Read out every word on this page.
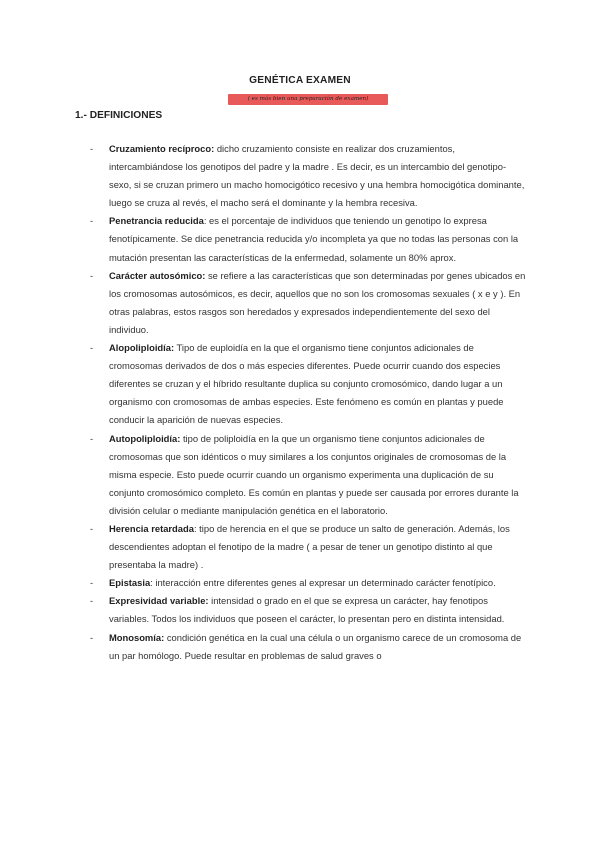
GENÉTICA EXAMEN
( es más bien una preparación de examen)
1.- DEFINICIONES
-	Cruzamiento recíproco: dicho cruzamiento consiste en realizar dos cruzamientos, intercambiándose los genotipos del padre y la madre . Es decir, es un intercambio del genotipo-sexo, si se cruzan primero un macho homocigótico recesivo y una hembra homocigótica dominante, luego se cruza al revés, el macho será el dominante y la hembra recesiva.
-	Penetrancia reducida: es el porcentaje de individuos que teniendo un genotipo lo expresa fenotípicamente. Se dice penetrancia reducida y/o incompleta ya que no todas las personas con la mutación presentan las características de la enfermedad, solamente un 80% aprox.
-	Carácter autosómico: se refiere a las características que son determinadas por genes ubicados en los cromosomas autosómicos, es decir, aquellos que no son los cromosomas sexuales ( x e y ). En otras palabras, estos rasgos son heredados y expresados independientemente del sexo del individuo.
-	Alopoliploidía: Tipo de euploidía en la que el organismo tiene conjuntos adicionales de cromosomas derivados de dos o más especies diferentes. Puede ocurrir cuando dos especies diferentes se cruzan y el híbrido resultante duplica su conjunto cromosómico, dando lugar a un organismo con cromosomas de ambas especies. Este fenómeno es común en plantas y puede conducir la aparición de nuevas especies.
-	Autopoliploidía: tipo de poliploidía en la que un organismo tiene conjuntos adicionales de cromosomas que son idénticos o muy similares a los conjuntos originales de cromosomas de la misma especie. Esto puede ocurrir cuando un organismo experimenta una duplicación de su conjunto cromosómico completo. Es común en plantas y puede ser causada por errores durante la división celular o mediante manipulación genética en el laboratorio.
-	Herencia retardada: tipo de herencia en el que se produce un salto de generación. Además, los descendientes adoptan el fenotipo de la madre ( a pesar de tener un genotipo distinto al que presentaba la madre) .
-	Epistasia: interacción entre diferentes genes al expresar un determinado carácter fenotípico.
-	Expresividad variable: intensidad o grado en el que se expresa un carácter, hay fenotipos variables. Todos los individuos que poseen el carácter, lo presentan pero en distinta intensidad.
-	Monosomía: condición genética en la cual una célula o un organismo carece de un cromosoma de un par homólogo. Puede resultar en problemas de salud graves o
